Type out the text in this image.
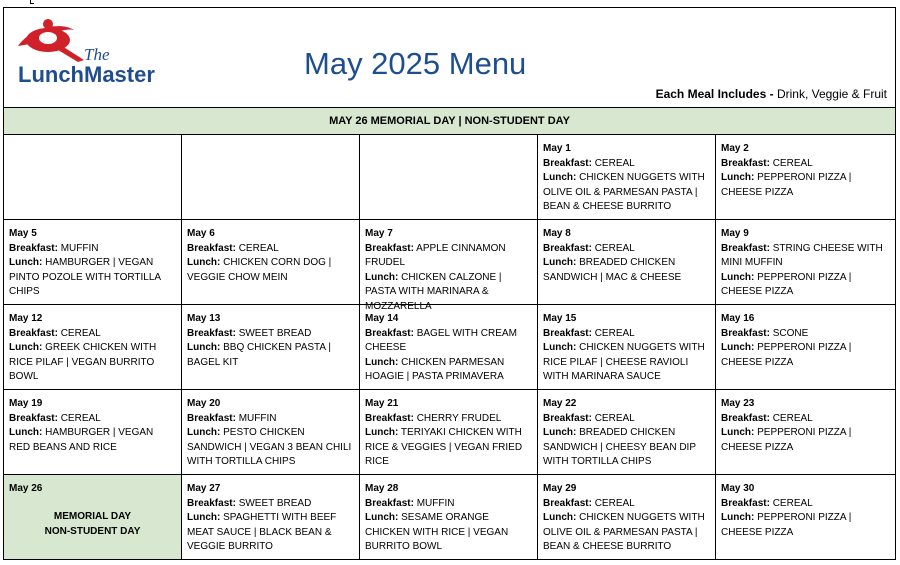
The
LunchMaster	May 2025 Menu
Each Meal Includes - Drink, Veggie & Fruit
MAY 26 MEMORIAL DAY | NON-STUDENT DAY
May 1
Breakfast: CEREAL
Lunch: CHICKEN NUGGETS WITH OLIVE OIL & PARMESAN PASTA | BEAN & CHEESE BURRITO
May 2
Breakfast: CEREAL
Lunch: PEPPERONI PIZZA | CHEESE PIZZA
May 5
Breakfast: MUFFIN
Lunch: HAMBURGER | VEGAN PINTO POZOLE WITH TORTILLA CHIPS
May 6
Breakfast: CEREAL
Lunch: CHICKEN CORN DOG | VEGGIE CHOW MEIN
May 7
Breakfast: APPLE CINNAMON FRUDEL
Lunch: CHICKEN CALZONE | PASTA WITH MARINARA & MOZZARELLA
May 8
Breakfast: CEREAL
Lunch: BREADED CHICKEN SANDWICH | MAC & CHEESE
May 9
Breakfast: STRING CHEESE WITH MINI MUFFIN
Lunch: PEPPERONI PIZZA | CHEESE PIZZA
May 12
Breakfast: CEREAL
Lunch: GREEK CHICKEN WITH RICE PILAF | VEGAN BURRITO BOWL
May 13
Breakfast: SWEET BREAD
Lunch: BBQ CHICKEN PASTA | BAGEL KIT
May 14
Breakfast: BAGEL WITH CREAM CHEESE
Lunch: CHICKEN PARMESAN HOAGIE | PASTA PRIMAVERA
May 15
Breakfast: CEREAL
Lunch: CHICKEN NUGGETS WITH RICE PILAF | CHEESE RAVIOLI WITH MARINARA SAUCE
May 16
Breakfast: SCONE
Lunch: PEPPERONI PIZZA | CHEESE PIZZA
May 19
Breakfast: CEREAL
Lunch: HAMBURGER | VEGAN RED BEANS AND RICE
May 20
Breakfast: MUFFIN
Lunch: PESTO CHICKEN SANDWICH | VEGAN 3 BEAN CHILI WITH TORTILLA CHIPS
May 21
Breakfast: CHERRY FRUDEL
Lunch: TERIYAKI CHICKEN WITH RICE & VEGGIES | VEGAN FRIED RICE
May 22
Breakfast: CEREAL
Lunch: BREADED CHICKEN SANDWICH | CHEESY BEAN DIP WITH TORTILLA CHIPS
May 23
Breakfast: CEREAL
Lunch: PEPPERONI PIZZA | CHEESE PIZZA
May 26
MEMORIAL DAY
NON-STUDENT DAY
May 27
Breakfast: SWEET BREAD
Lunch: SPAGHETTI WITH BEEF MEAT SAUCE | BLACK BEAN & VEGGIE BURRITO
May 28
Breakfast: MUFFIN
Lunch: SESAME ORANGE CHICKEN WITH RICE | VEGAN BURRITO BOWL
May 29
Breakfast: CEREAL
Lunch: CHICKEN NUGGETS WITH OLIVE OIL & PARMESAN PASTA | BEAN & CHEESE BURRITO
May 30
Breakfast: CEREAL
Lunch: PEPPERONI PIZZA | CHEESE PIZZA
